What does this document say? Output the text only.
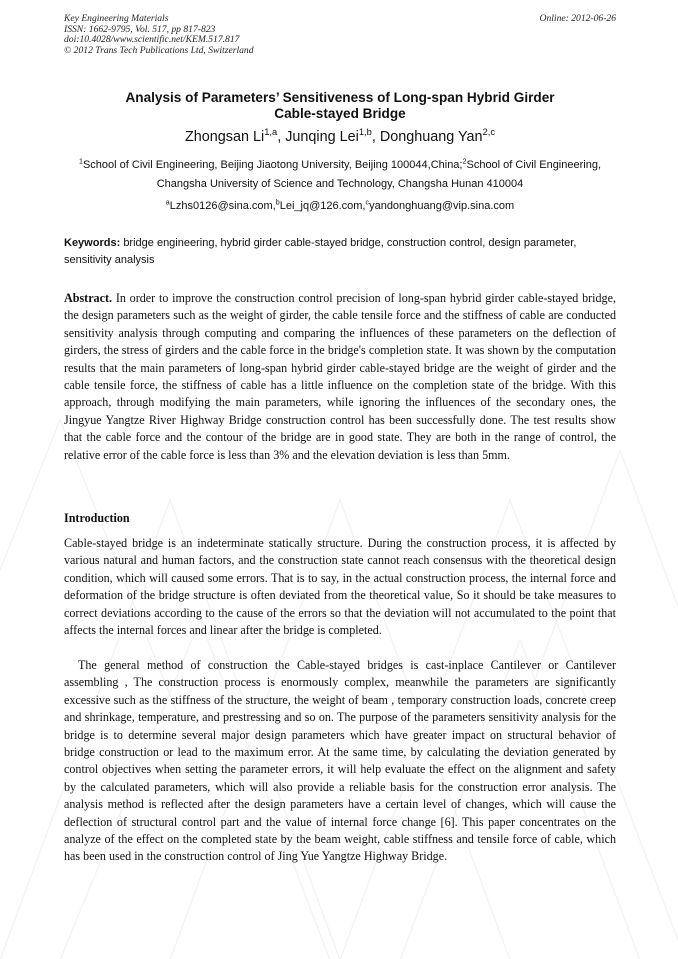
Key Engineering Materials
ISSN: 1662-9795, Vol. 517, pp 817-823
doi:10.4028/www.scientific.net/KEM.517.817
© 2012 Trans Tech Publications Ltd, Switzerland
Online: 2012-06-26
Analysis of Parameters’ Sensitiveness of Long-span Hybrid Girder
Cable-stayed Bridge
Zhongsan Li$^{1,a}$, Junqing Lei$^{1,b}$, Donghuang Yan$^{2,c}$
$^1$School of Civil Engineering, Beijing Jiaotong University, Beijing 100044,China;$^2$School of Civil Engineering, Changsha University of Science and Technology, Changsha Hunan 410004
$^a$Lzhs0126@sina.com,$^b$Lei_jq@126.com,$^c$yandonghuang@vip.sina.com
Keywords: bridge engineering, hybrid girder cable-stayed bridge, construction control, design parameter, sensitivity analysis
Abstract. In order to improve the construction control precision of long-span hybrid girder cable-stayed bridge, the design parameters such as the weight of girder, the cable tensile force and the stiffness of cable are conducted sensitivity analysis through computing and comparing the influences of these parameters on the deflection of girders, the stress of girders and the cable force in the bridge's completion state. It was shown by the computation results that the main parameters of long-span hybrid girder cable-stayed bridge are the weight of girder and the cable tensile force, the stiffness of cable has a little influence on the completion state of the bridge. With this approach, through modifying the main parameters, while ignoring the influences of the secondary ones, the Jingyue Yangtze River Highway Bridge construction control has been successfully done. The test results show that the cable force and the contour of the bridge are in good state. They are both in the range of control, the relative error of the cable force is less than 3% and the elevation deviation is less than 5mm.
Introduction

Cable-stayed bridge is an indeterminate statically structure. During the construction process, it is affected by various natural and human factors, and the construction state cannot reach consensus with the theoretical design condition, which will caused some errors. That is to say, in the actual construction process, the internal force and deformation of the bridge structure is often deviated from the theoretical value, So it should be take measures to correct deviations according to the cause of the errors so that the deviation will not accumulated to the point that affects the internal forces and linear after the bridge is completed.

The general method of construction the Cable-stayed bridges is cast-inplace Cantilever or Cantilever assembling , The construction process is enormously complex, meanwhile the parameters are significantly excessive such as the stiffness of the structure, the weight of beam , temporary construction loads, concrete creep and shrinkage, temperature, and prestressing and so on. The purpose of the parameters sensitivity analysis for the bridge is to determine several major design parameters which have greater impact on structural behavior of bridge construction or lead to the maximum error. At the same time, by calculating the deviation generated by control objectives when setting the parameter errors, it will help evaluate the effect on the alignment and safety by the calculated parameters, which will also provide a reliable basis for the construction error analysis. The analysis method is reflected after the design parameters have a certain level of changes, which will cause the deflection of structural control part and the value of internal force change [6]. This paper concentrates on the analyze of the effect on the completed state by the beam weight, cable stiffness and tensile force of cable, which has been used in the construction control of Jing Yue Yangtze Highway Bridge.
